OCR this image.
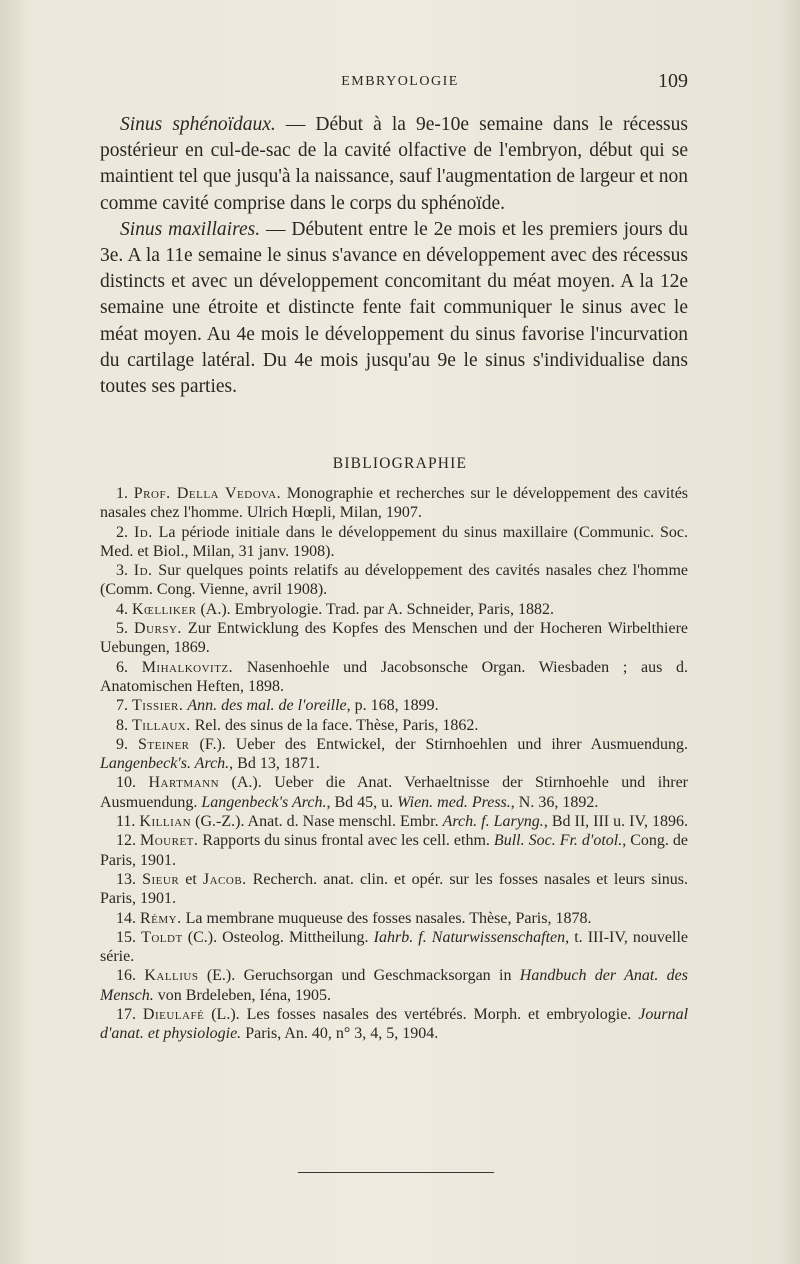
EMBRYOLOGIE	109

Sinus sphénoïdaux. — Début à la 9e-10e semaine dans le récessus postérieur en cul-de-sac de la cavité olfactive de l'embryon, début qui se maintient tel que jusqu'à la naissance, sauf l'augmentation de largeur et non comme cavité comprise dans le corps du sphénoïde.

Sinus maxillaires. — Débutent entre le 2e mois et les premiers jours du 3e. A la 11e semaine le sinus s'avance en développement avec des récessus distincts et avec un développement concomitant du méat moyen. A la 12e semaine une étroite et distincte fente fait communiquer le sinus avec le méat moyen. Au 4e mois le développement du sinus favorise l'incurvation du cartilage latéral. Du 4e mois jusqu'au 9e le sinus s'individualise dans toutes ses parties.

BIBLIOGRAPHIE
1. Prof. Della Vedova. Monographie et recherches sur le développement des cavités nasales chez l'homme. Ulrich Hœpli, Milan, 1907.
2. Id. La période initiale dans le développement du sinus maxillaire (Communic. Soc. Med. et Biol., Milan, 31 janv. 1908).
3. Id. Sur quelques points relatifs au développement des cavités nasales chez l'homme (Comm. Cong. Vienne, avril 1908).
4. Kœlliker (A.). Embryologie. Trad. par A. Schneider, Paris, 1882.
5. Dursy. Zur Entwicklung des Kopfes des Menschen und der Hocheren Wirbelthiere Uebungen, 1869.
6. Mihalkovitz. Nasenhoehle und Jacobsonsche Organ. Wiesbaden ; aus d. Anatomischen Heften, 1898.
7. Tissier. Ann. des mal. de l'oreille, p. 168, 1899.
8. Tillaux. Rel. des sinus de la face. Thèse, Paris, 1862.
9. Steiner (F.). Ueber des Entwickel, der Stirnhoehlen und ihrer Ausmuendung. Langenbeck's. Arch., Bd 13, 1871.
10. Hartmann (A.). Ueber die Anat. Verhaeltnisse der Stirnhoehle und ihrer Ausmuendung. Langenbeck's Arch., Bd 45, u. Wien. med. Press., N. 36, 1892.
11. Killian (G.-Z.). Anat. d. Nase menschl. Embr. Arch. f. Laryng., Bd II, III u. IV, 1896.
12. Mouret. Rapports du sinus frontal avec les cell. ethm. Bull. Soc. Fr. d'otol., Cong. de Paris, 1901.
13. Sieur et Jacob. Recherch. anat. clin. et opér. sur les fosses nasales et leurs sinus. Paris, 1901.
14. Rémy. La membrane muqueuse des fosses nasales. Thèse, Paris, 1878.
15. Toldt (C.). Osteolog. Mittheilung. Iahrb. f. Naturwissenschaften, t. III-IV, nouvelle série.
16. Kallius (E.). Geruchsorgan und Geschmacksorgan in Handbuch der Anat. des Mensch. von Brdeleben, Iéna, 1905.
17. Dieulafé (L.). Les fosses nasales des vertébrés. Morph. et embryologie. Journal d'anat. et physiologie. Paris, An. 40, n° 3, 4, 5, 1904.
